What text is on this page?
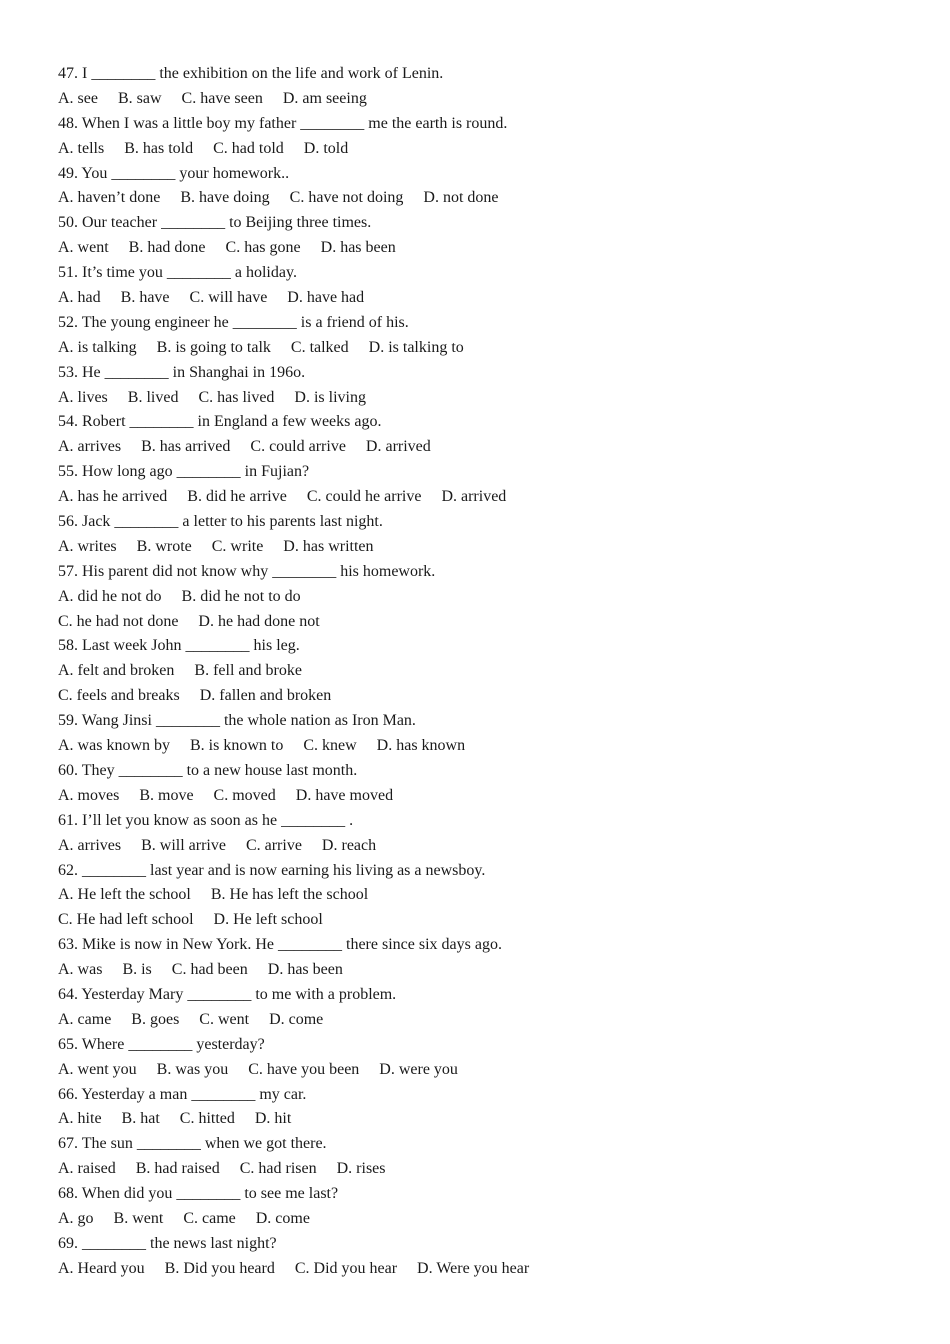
47. I ________ the exhibition on the life and work of Lenin.
A. see     B. saw     C. have seen     D. am seeing
48. When I was a little boy my father ________ me the earth is round.
A. tells     B. has told     C. had told     D. told
49. You ________ your homework..
A. haven’t done     B. have doing     C. have not doing     D. not done
50. Our teacher ________ to Beijing three times.
A. went     B. had done     C. has gone     D. has been
51. It’s time you ________ a holiday.
A. had     B. have     C. will have     D. have had
52. The young engineer he ________ is a friend of his.
A. is talking     B. is going to talk     C. talked     D. is talking to
53. He ________ in Shanghai in 196o.
A. lives     B. lived     C. has lived     D. is living
54. Robert ________ in England a few weeks ago.
A. arrives     B. has arrived     C. could arrive     D. arrived
55. How long ago ________ in Fujian?
A. has he arrived     B. did he arrive     C. could he arrive     D. arrived
56. Jack ________ a letter to his parents last night.
A. writes     B. wrote     C. write     D. has written
57. His parent did not know why ________ his homework.
A. did he not do     B. did he not to do
C. he had not done     D. he had done not
58. Last week John ________ his leg.
A. felt and broken     B. fell and broke
C. feels and breaks     D. fallen and broken
59. Wang Jinsi ________ the whole nation as Iron Man.
A. was known by     B. is known to     C. knew     D. has known
60. They ________ to a new house last month.
A. moves     B. move     C. moved     D. have moved
61. I’ll let you know as soon as he ________ .
A. arrives     B. will arrive     C. arrive     D. reach
62. ________ last year and is now earning his living as a newsboy.
A. He left the school     B. He has left the school
C. He had left school     D. He left school
63. Mike is now in New York. He ________ there since six days ago.
A. was     B. is     C. had been     D. has been
64. Yesterday Mary ________ to me with a problem.
A. came     B. goes     C. went     D. come
65. Where ________ yesterday?
A. went you     B. was you     C. have you been     D. were you
66. Yesterday a man ________ my car.
A. hite     B. hat     C. hitted     D. hit
67. The sun ________ when we got there.
A. raised     B. had raised     C. had risen     D. rises
68. When did you ________ to see me last?
A. go     B. went     C. came     D. come
69. ________ the news last night?
A. Heard you     B. Did you heard     C. Did you hear     D. Were you hear
